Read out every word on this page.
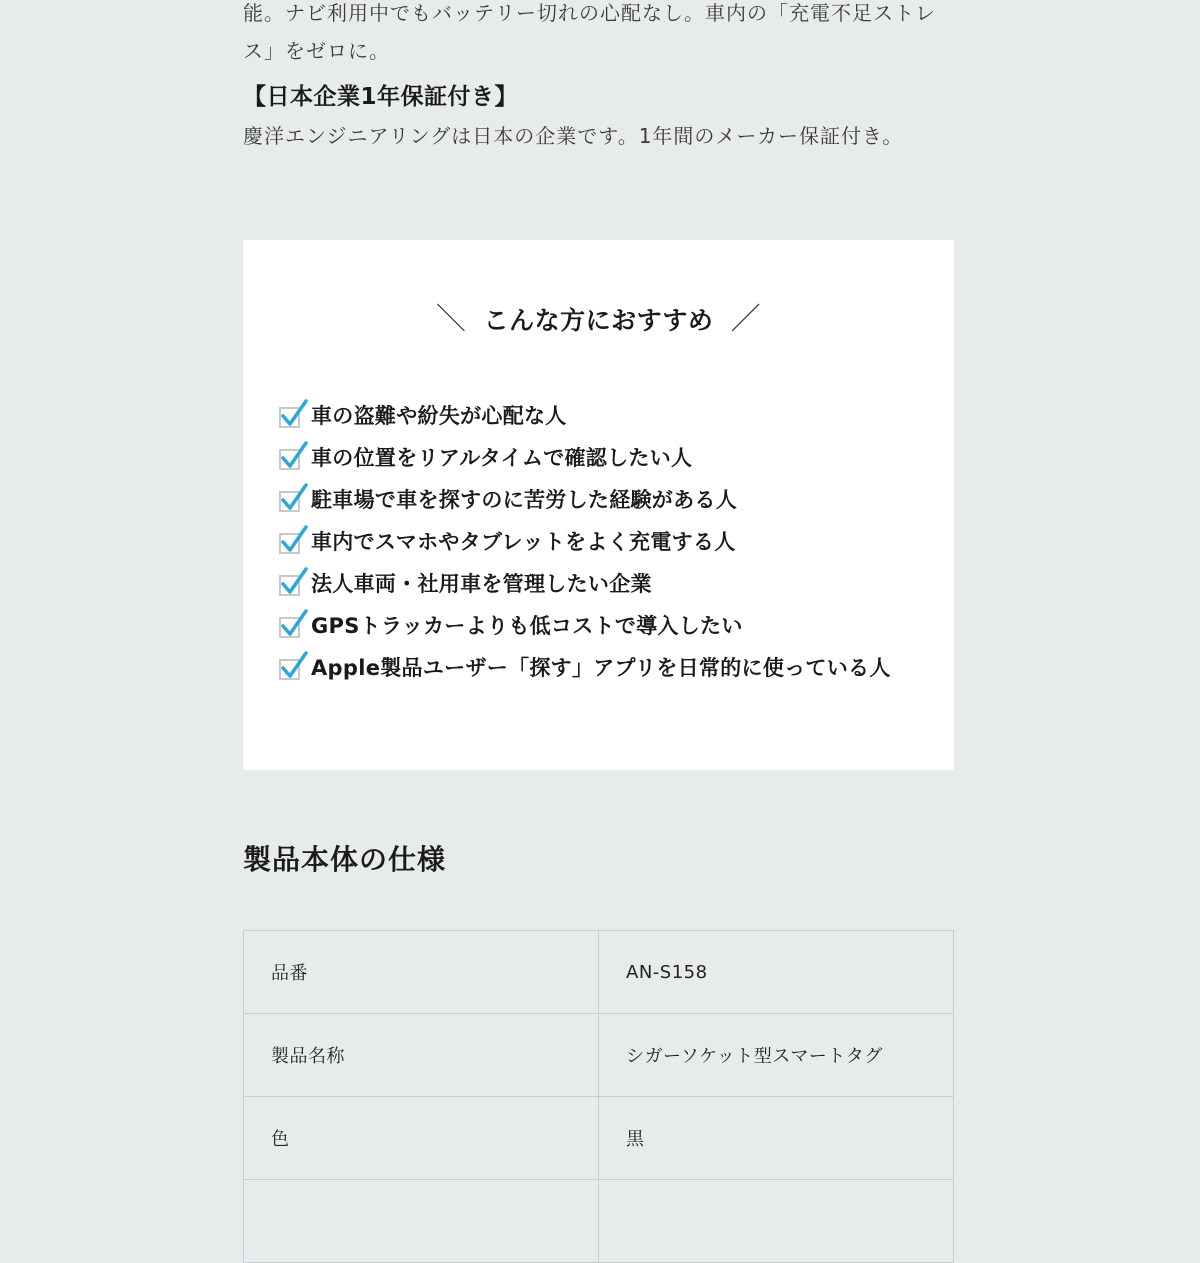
能。ナビ利用中でもバッテリー切れの心配なし。車内の「充電不足ストレス」をゼロに。

【日本企業1年保証付き】

慶洋エンジニアリングは日本の企業です。1年間のメーカー保証付き。

＼ こんな方におすすめ ／
車の盗難や紛失が心配な人
車の位置をリアルタイムで確認したい人
駐車場で車を探すのに苦労した経験がある人
車内でスマホやタブレットをよく充電する人
法人車両・社用車を管理したい企業
GPSトラッカーよりも低コストで導入したい
Apple製品ユーザー「探す」アプリを日常的に使っている人
製品本体の仕様
品番	AN-S158
製品名称	シガーソケット型スマートタグ
色	黒
